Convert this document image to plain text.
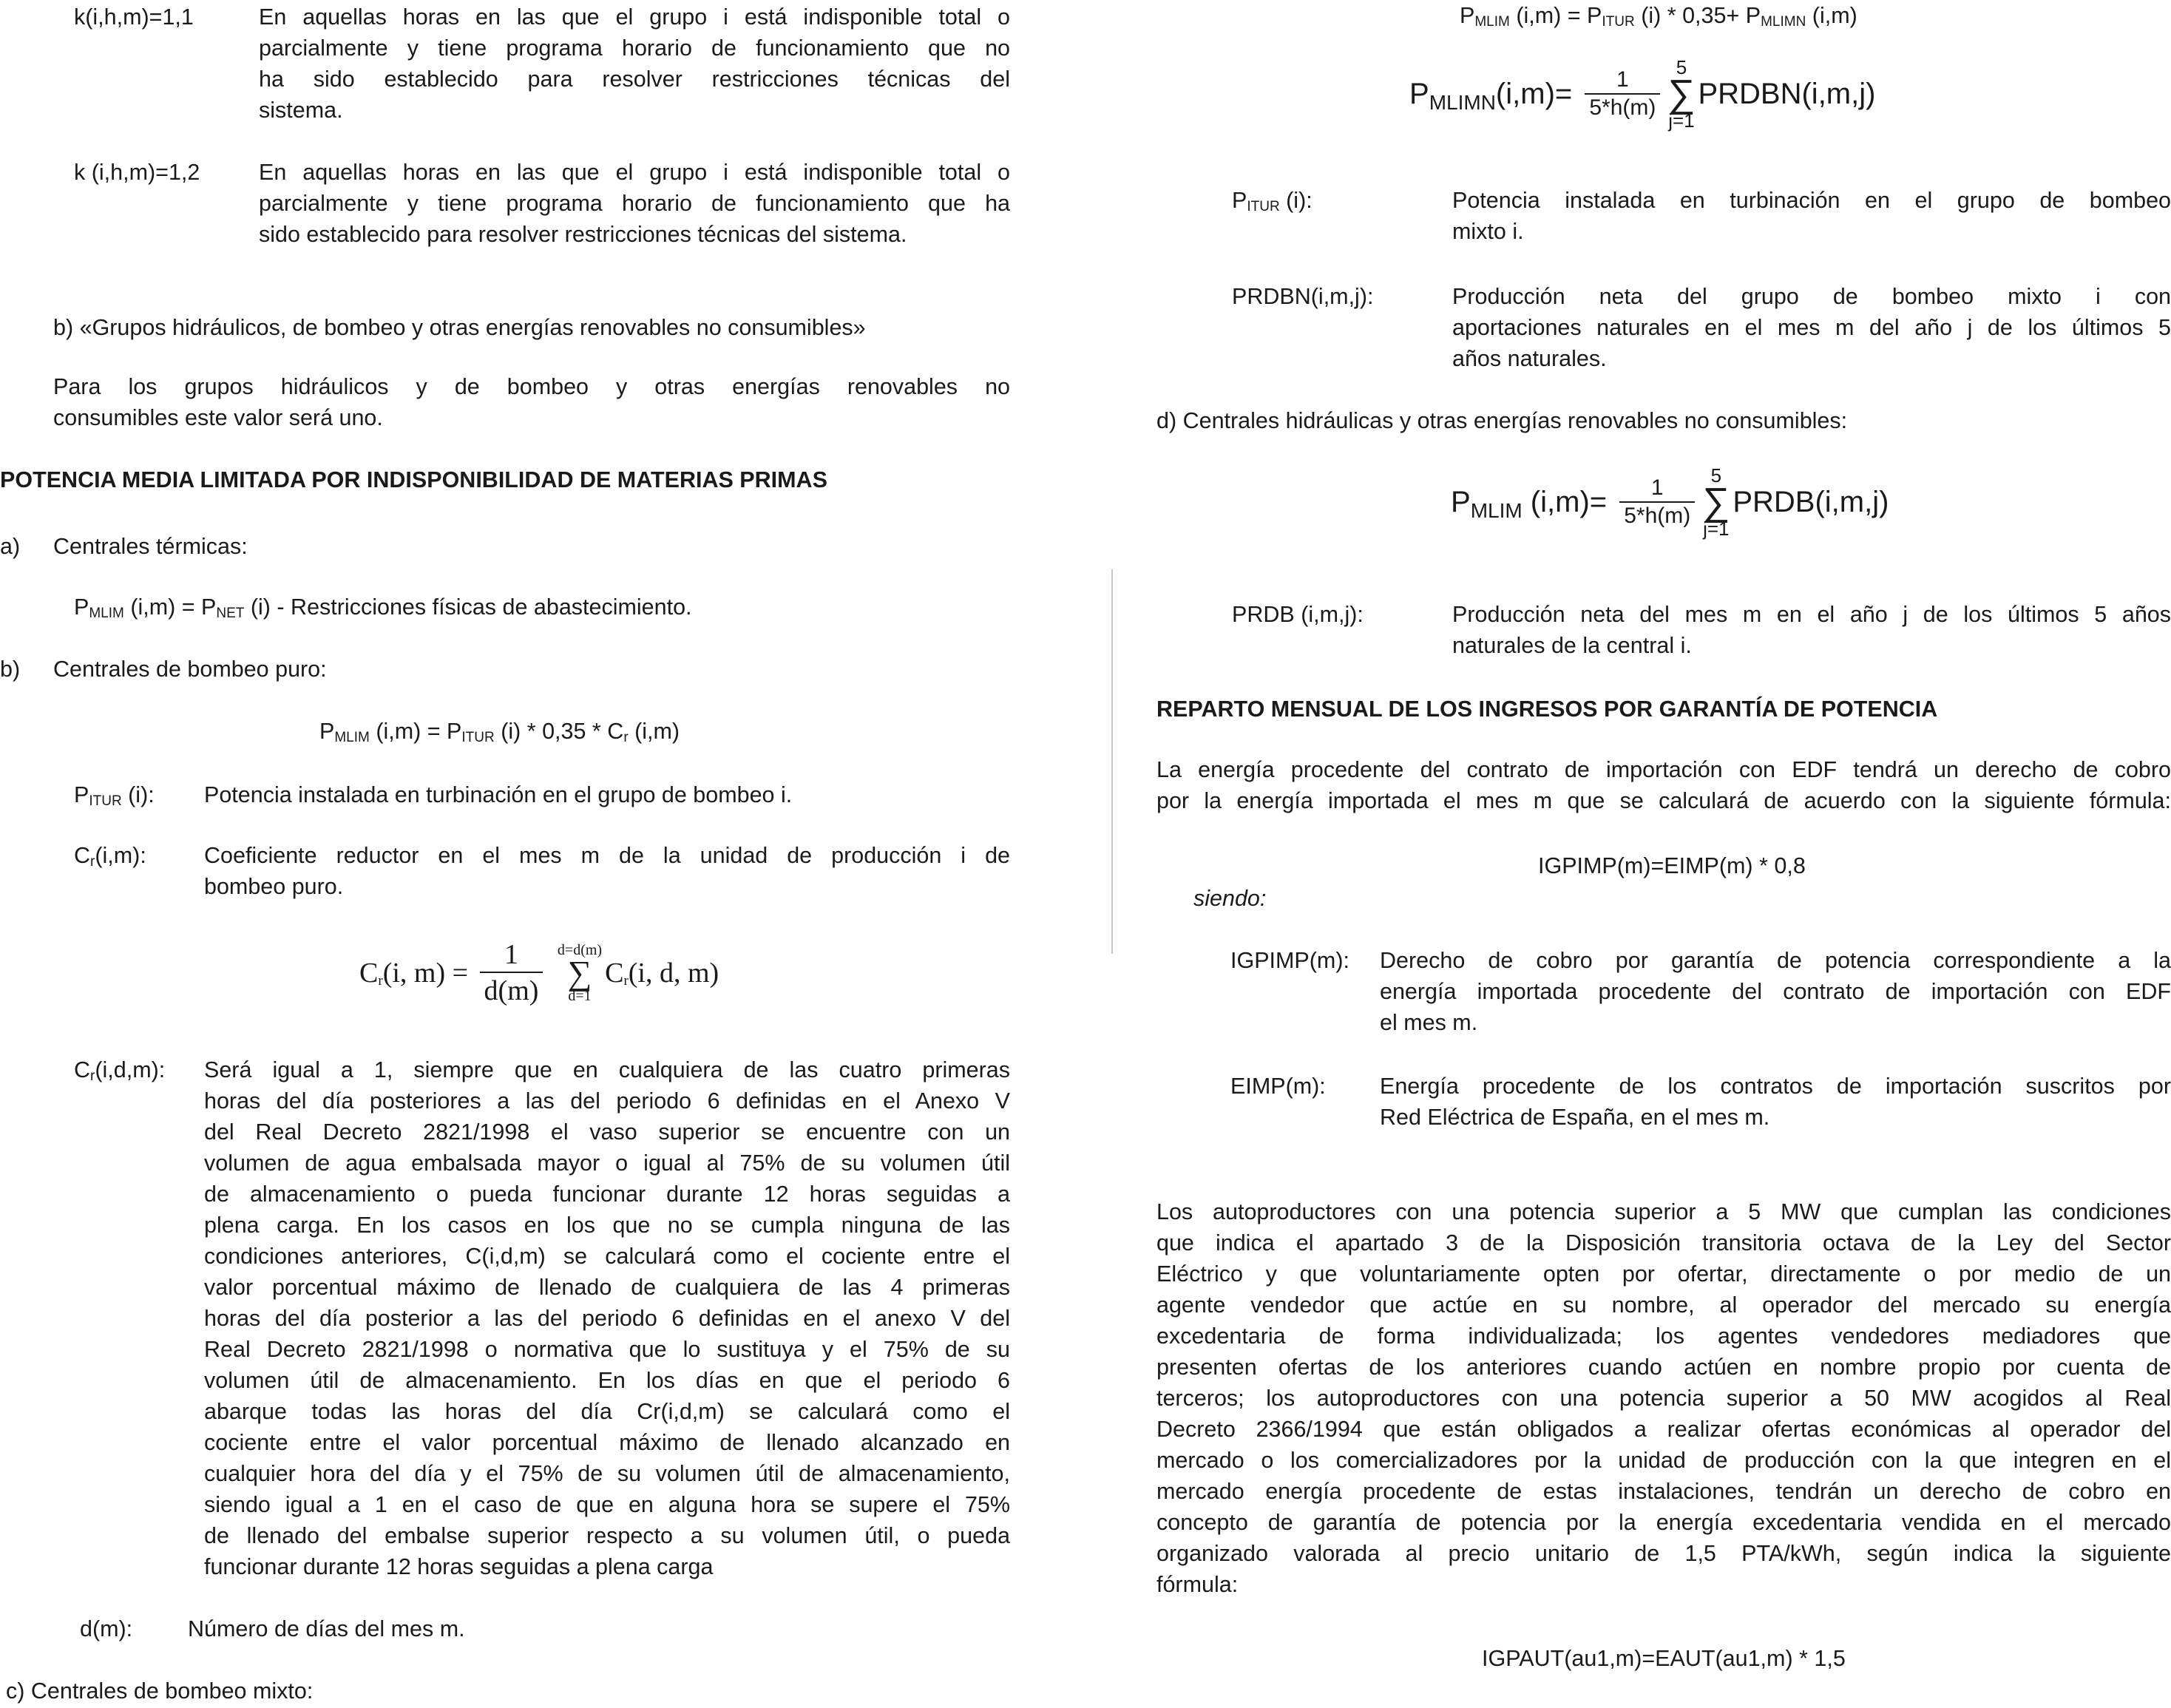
k(i,h,m)=1,1	En aquellas horas en las que el grupo i está indisponible total o
parcialmente y tiene programa horario de funcionamiento que no
ha sido establecido para resolver restricciones técnicas del
sistema.
k (i,h,m)=1,2	En aquellas horas en las que el grupo i está indisponible total o
parcialmente y tiene programa horario de funcionamiento que ha
sido establecido para resolver restricciones técnicas del sistema.
b) «Grupos hidráulicos, de bombeo y otras energías renovables no consumibles»
Para los grupos hidráulicos y de bombeo y otras energías renovables no
consumibles este valor será uno.
POTENCIA MEDIA LIMITADA POR INDISPONIBILIDAD DE MATERIAS PRIMAS
a) Centrales térmicas:
$P_{MLIM}$ $(i,m) = P_{NET}$ (i) - Restricciones físicas de abastecimiento.
b) Centrales de bombeo puro:
$P_{MLIM}$ $(i,m) = P_{ITUR}$ $(i) * 0,35 * C_r$ (i,m)
$P_{ITUR}$ (i): Potencia instalada en turbinación en el grupo de bombeo i.
$C_r(i,m)$:	Coeficiente reductor en el mes m de la unidad de producción i de
bombeo puro.
$C_r(i$, $m) = \frac{1}{d(m)}$
d=d(m)
∑
d=1
$C_r(i$, d, m)
$C_r(i,d,m)$: Será igual a 1, siempre que en cualquiera de las cuatro primeras
horas del día posteriores a las del periodo 6 definidas en el Anexo V
del Real Decreto 2821/1998 el vaso superior se encuentre con un
volumen de agua embalsada mayor o igual al 75% de su volumen útil
de almacenamiento o pueda funcionar durante 12 horas seguidas a
plena carga. En los casos en los que no se cumpla ninguna de las
condiciones anteriores, C(i,d,m) se calculará como el cociente entre el
valor porcentual máximo de llenado de cualquiera de las 4 primeras
horas del día posterior a las del periodo 6 definidas en el anexo V del
Real Decreto 2821/1998 o normativa que lo sustituya y el 75% de su
volumen útil de almacenamiento. En los días en que el periodo 6
abarque todas las horas del día Cr(i,d,m) se calculará como el
cociente entre el valor porcentual máximo de llenado alcanzado en
cualquier hora del día y el 75% de su volumen útil de almacenamiento,
siendo igual a 1 en el caso de que en alguna hora se supere el 75%
de llenado del embalse superior respecto a su volumen útil, o pueda
funcionar durante 12 horas seguidas a plena carga
d(m): Número de días del mes m.
c) Centrales de bombeo mixto:
$P_{MLIM}$ $(i,m) = P_{ITUR}$ $(i) * 0,35+ P_{MLIMN}$ (i,m)
$P_{MLIMN}(i,m)= \frac{1}{5*h(m)} 5$
∑
j=1
PRDBN(i,m,j)
$P_{ITUR}$ (i):	Potencia instalada en turbinación en el grupo de bombeo
mixto i.
PRDBN(i,m,j):	Producción neta del grupo de bombeo mixto i con
aportaciones naturales en el mes m del año j de los últimos 5
años naturales.
d) Centrales hidráulicas y otras energías renovables no consumibles:
$P_{MLIM}$ $(i,m)= \frac{1}{5*h(m)} 5$
∑
j=1
PRDB(i,m,j)
PRDB (i,m,j):	Producción neta del mes m en el año j de los últimos 5 años
naturales de la central i.
REPARTO MENSUAL DE LOS INGRESOS POR GARANTÍA DE POTENCIA
La energía procedente del contrato de importación con EDF tendrá un derecho de cobro
por la energía importada el mes m que se calculará de acuerdo con la siguiente fórmula:
IGPIMP(m)=EIMP(m) * 0,8
siendo:
IGPIMP(m): Derecho de cobro por garantía de potencia correspondiente a la
energía importada procedente del contrato de importación con EDF
el mes m.
EIMP(m): Energía procedente de los contratos de importación suscritos por
Red Eléctrica de España, en el mes m.
Los autoproductores con una potencia superior a 5 MW que cumplan las condiciones
que indica el apartado 3 de la Disposición transitoria octava de la Ley del Sector
Eléctrico y que voluntariamente opten por ofertar, directamente o por medio de un
agente vendedor que actúe en su nombre, al operador del mercado su energía
excedentaria de forma individualizada; los agentes vendedores mediadores que
presenten ofertas de los anteriores cuando actúen en nombre propio por cuenta de
terceros; los autoproductores con una potencia superior a 50 MW acogidos al Real
Decreto 2366/1994 que están obligados a realizar ofertas económicas al operador del
mercado o los comercializadores por la unidad de producción con la que integren en el
mercado energía procedente de estas instalaciones, tendrán un derecho de cobro en
concepto de garantía de potencia por la energía excedentaria vendida en el mercado
organizado valorada al precio unitario de 1,5 PTA/kWh, según indica la siguiente
fórmula:
IGPAUT(au1,m)=EAUT(au1,m) * 1,5
